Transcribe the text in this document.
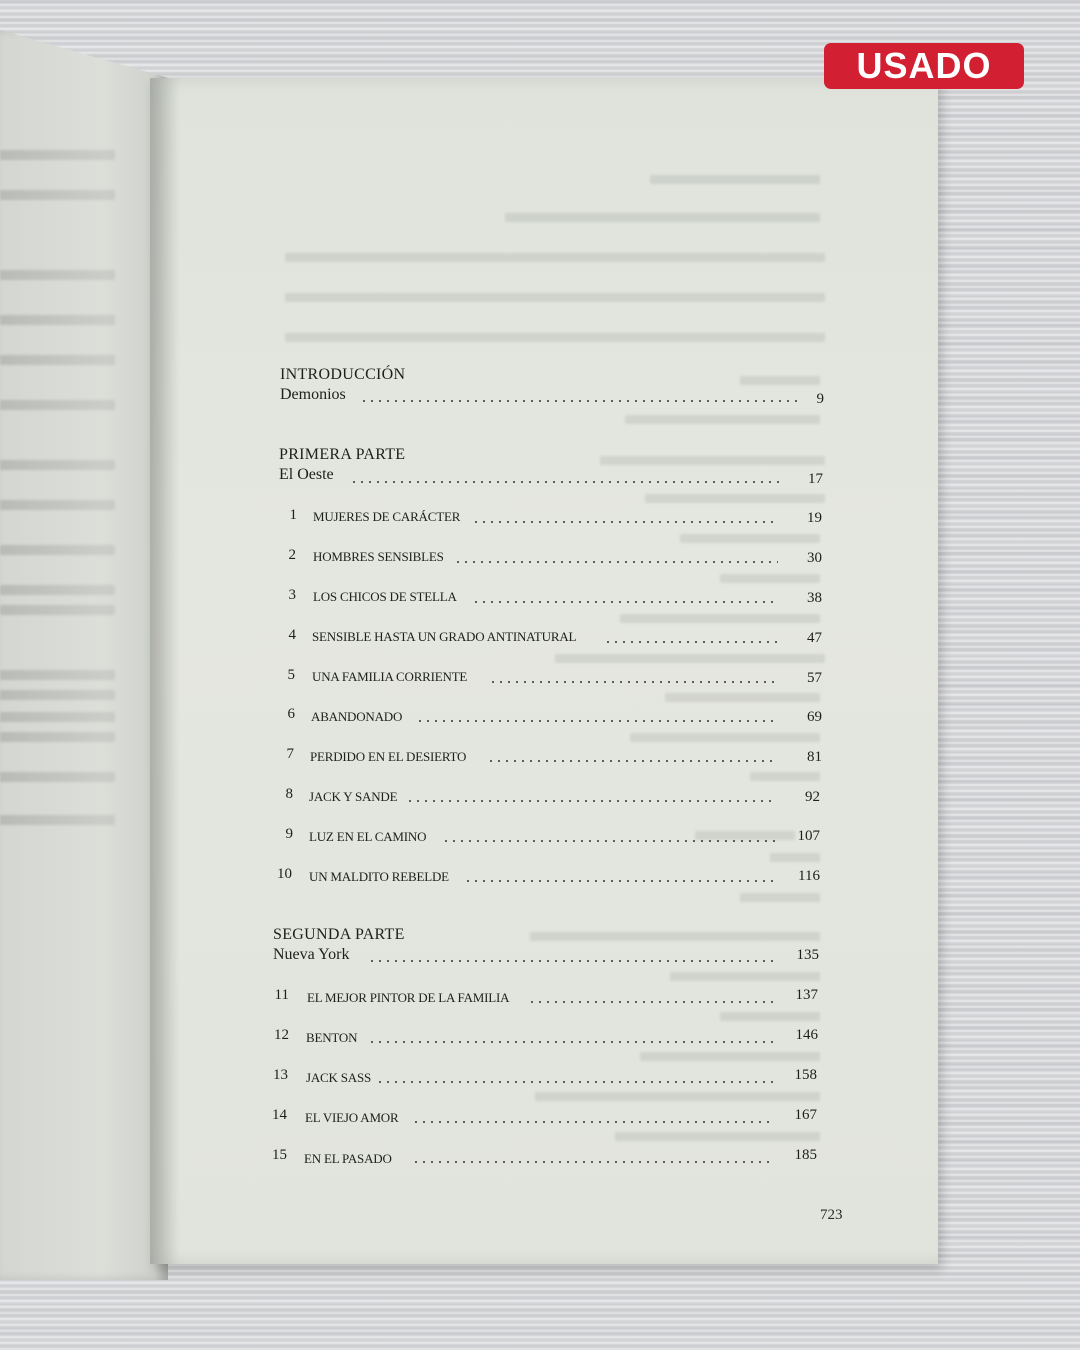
INTRODUCCIÓN
Demonios	9
PRIMERA PARTE
El Oeste	17
1 MUJERES DE CARÁCTER	19
2 HOMBRES SENSIBLES	30
3 LOS CHICOS DE STELLA	38
4 SENSIBLE HASTA UN GRADO ANTINATURAL	47
5 UNA FAMILIA CORRIENTE	57
6 ABANDONADO	69
7 PERDIDO EN EL DESIERTO	81
8 JACK Y SANDE	92
9 LUZ EN EL CAMINO	107
10 UN MALDITO REBELDE	116
SEGUNDA PARTE
Nueva York	135
11 EL MEJOR PINTOR DE LA FAMILIA	137
12 BENTON	146
13 JACK SASS	158
14 EL VIEJO AMOR	167
15 EN EL PASADO	185
723
USADO
